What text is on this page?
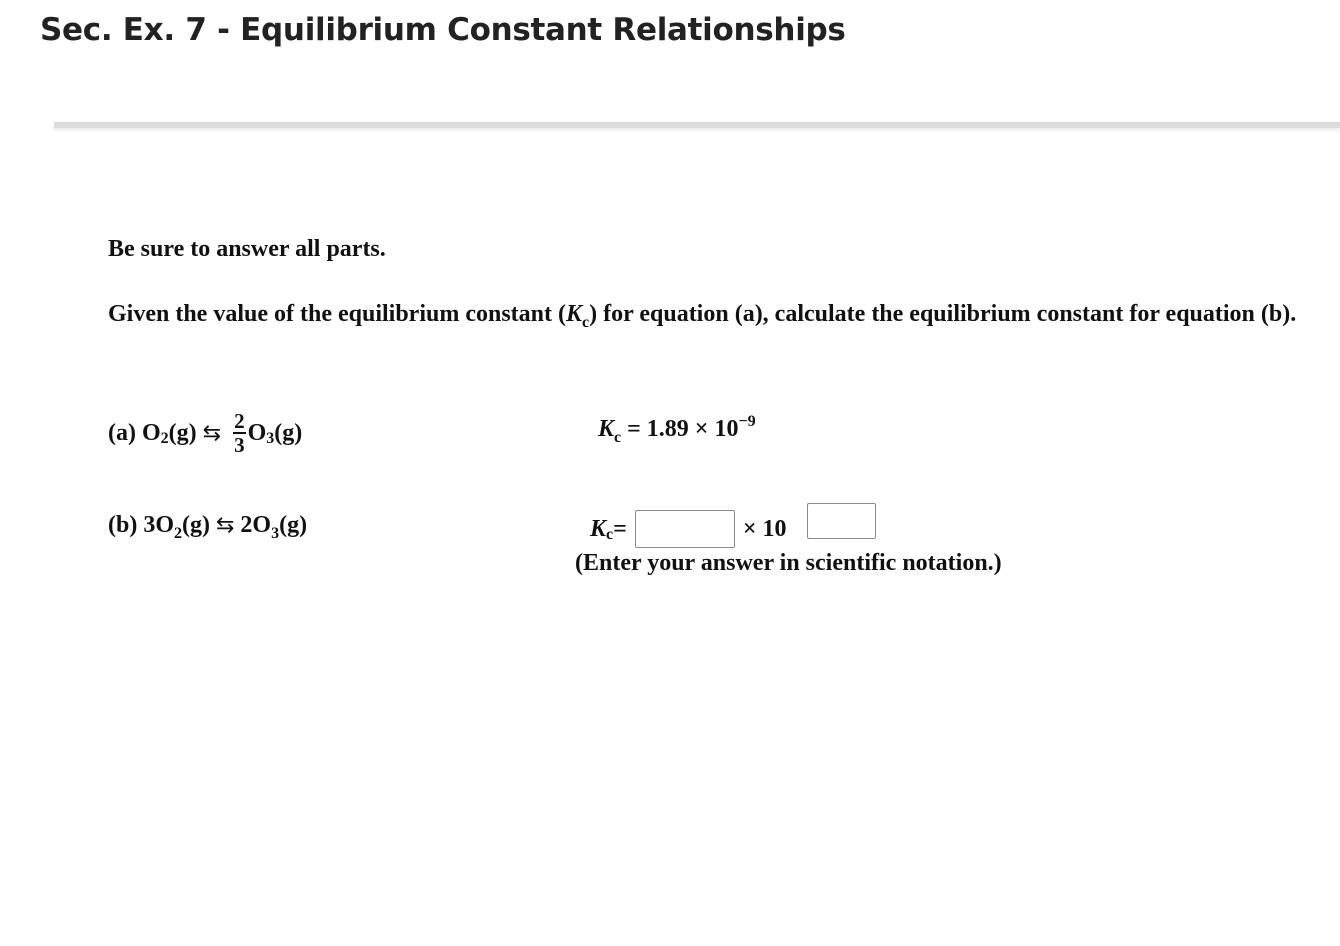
Sec. Ex. 7 - Equilibrium Constant Relationships
Be sure to answer all parts.
Given the value of the equilibrium constant $(K_c)$ for equation (a), calculate the equilibrium constant for equation (b).
(a) O 2 (g) ⇆ $\frac{2}{3}$ O 3 (g)	$K_c = 1.89 \times 10^{-9}$
(b) $3O_2(g)$ ⇆ $2O_3(g)$	K c =	× 10
(Enter your answer in scientific notation.)
